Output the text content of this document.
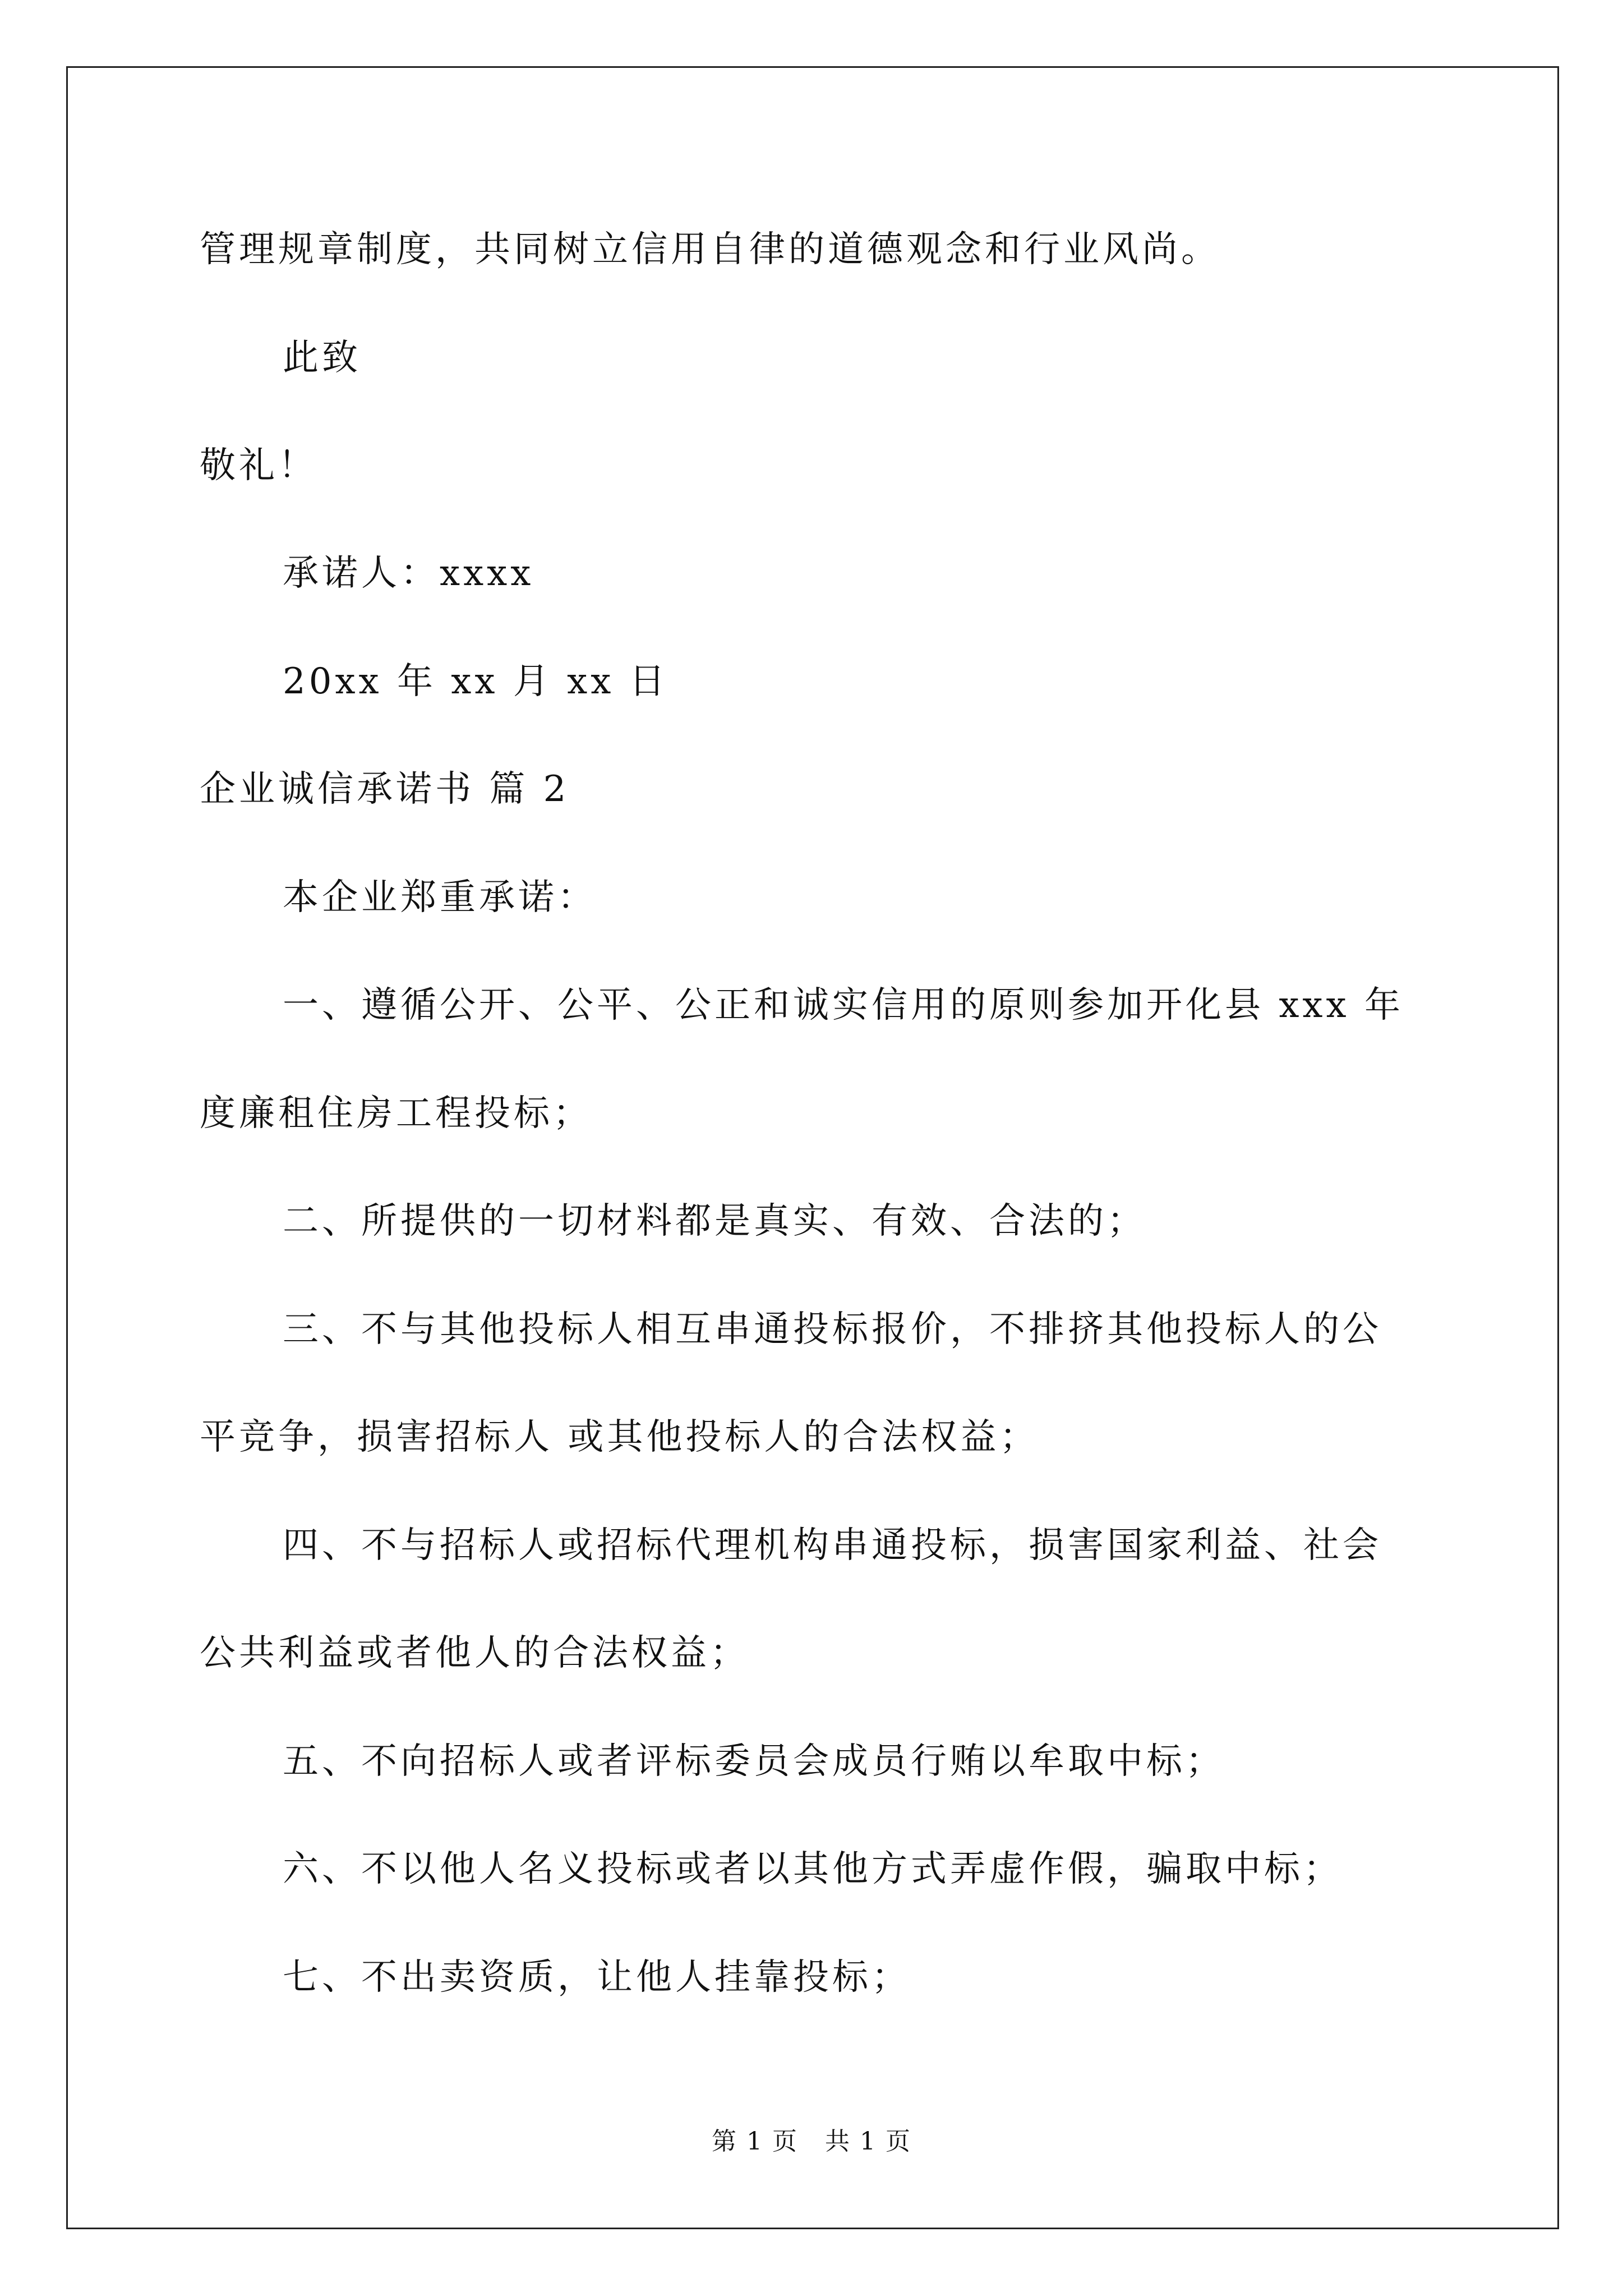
管理规章制度，共同树立信用自律的道德观念和行业风尚。
此致
敬礼！
承诺人：xxxx
20xx 年 xx 月 xx 日
企业诚信承诺书 篇 2
本企业郑重承诺：
一、遵循公开、公平、公正和诚实信用的原则参加开化县 xxx 年
度廉租住房工程投标；
二、所提供的一切材料都是真实、有效、合法的；
三、不与其他投标人相互串通投标报价，不排挤其他投标人的公
平竞争，损害招标人 或其他投标人的合法权益；
四、不与招标人或招标代理机构串通投标，损害国家利益、社会
公共利益或者他人的合法权益；
五、不向招标人或者评标委员会成员行贿以牟取中标；
六、不以他人名义投标或者以其他方式弄虚作假，骗取中标；
七、不出卖资质，让他人挂靠投标；
第 1 页 共 1 页
